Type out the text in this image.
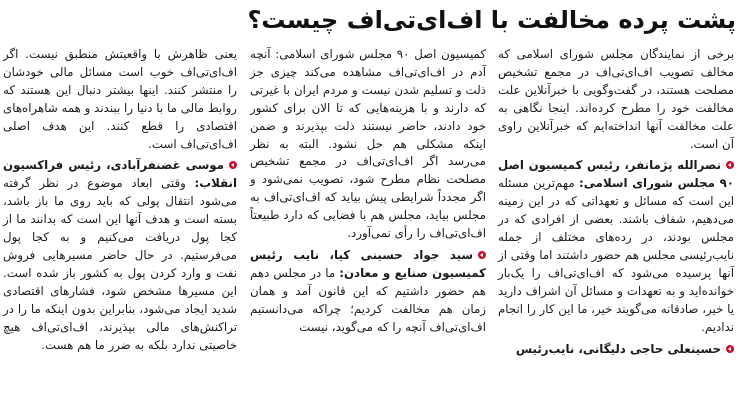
پشت پرده مخالفت با اف‌ای‌تی‌اف چیست؟

برخی از نمایندگان مجلس شورای اسلامی که مخالف تصویب اف‌ای‌تی‌اف در مجمع تشخیص مصلحت هستند، در گفت‌وگویی با خبرآنلاین علت مخالفت خود را مطرح کرده‌اند. اینجا نگاهی به علت مخالفت آنها انداخته‌ایم که خبرآنلاین راوی آن است.

نصرالله پژمانفر، رئیس کمیسیون اصل ۹۰ مجلس شورای اسلامی: مهم‌ترین مسئله این است که مسائل و تعهداتی که در این زمینه می‌دهیم، شفاف باشند. بعضی از افرادی که در مجلس بودند، در رده‌های مختلف از جمله نایب‌رئیسی مجلس هم حضور داشتند اما وقتی از آنها پرسیده می‌شود که اف‌ای‌تی‌اف را یک‌بار خوانده‌اید و به تعهدات و مسائل آن اشراف دارید یا خیر، صادقانه می‌گویند خیر، ما این کار را انجام ندادیم.

حسینعلی حاجی دلیگانی، نایب‌رئیس

کمیسیون اصل ۹۰ مجلس شورای اسلامی: آنچه آدم در اف‌ای‌تی‌اف مشاهده می‌کند چیزی جز ذلت و تسلیم شدن نیست و مردم ایران با غیرتی که دارند و با هزینه‌هایی که تا الان برای کشور خود دادند، حاضر نیستند ذلت بپذیرند و ضمن اینکه مشکلی هم حل نشود. البته به نظر می‌رسد اگر اف‌ای‌تی‌اف در مجمع تشخیص مصلحت نظام مطرح شود، تصویب نمی‌شود و اگر مجدداً شرایطی پیش بیاید که اف‌ای‌تی‌اف به مجلس بیاید، مجلس هم با فضایی که دارد طبیعتاً اف‌ای‌تی‌اف را رأی نمی‌آورد.

سید جواد حسینی کیا، نایب رئیس کمیسیون صنایع و معادن: ما در مجلس دهم هم حضور داشتیم که این قانون آمد و همان زمان هم مخالفت کردیم؛ چراکه می‌دانستیم اف‌ای‌تی‌اف آنچه را که می‌گوید، نیست

یعنی ظاهرش با واقعیتش منطبق نیست. اگر اف‌ای‌تی‌اف خوب است مسائل مالی خودشان را منتشر کنند. اینها بیشتر دنبال این هستند که روابط مالی ما با دنیا را ببندند و همه شاهراه‌های اقتصادی را قطع کنند. این هدف اصلی اف‌ای‌تی‌اف است.

موسی غضنفرآبادی، رئیس فراکسیون انقلاب: وقتی ابعاد موضوع در نظر گرفته می‌شود انتقال پولی که باید روی ما باز باشد، بسته است و هدف آنها این است که بدانند ما از کجا پول دریافت می‌کنیم و به کجا پول می‌فرستیم. در حال حاضر مسیرهایی فروش نفت و وارد کردن پول به کشور باز شده است. این مسیرها مشخص شود، فشارهای اقتصادی شدید ایجاد می‌شود، بنابراین بدون اینکه ما را در تراکنش‌های مالی بپذیرند، اف‌ای‌تی‌اف هیچ خاصیتی ندارد بلکه به ضرر ما هم هست.
